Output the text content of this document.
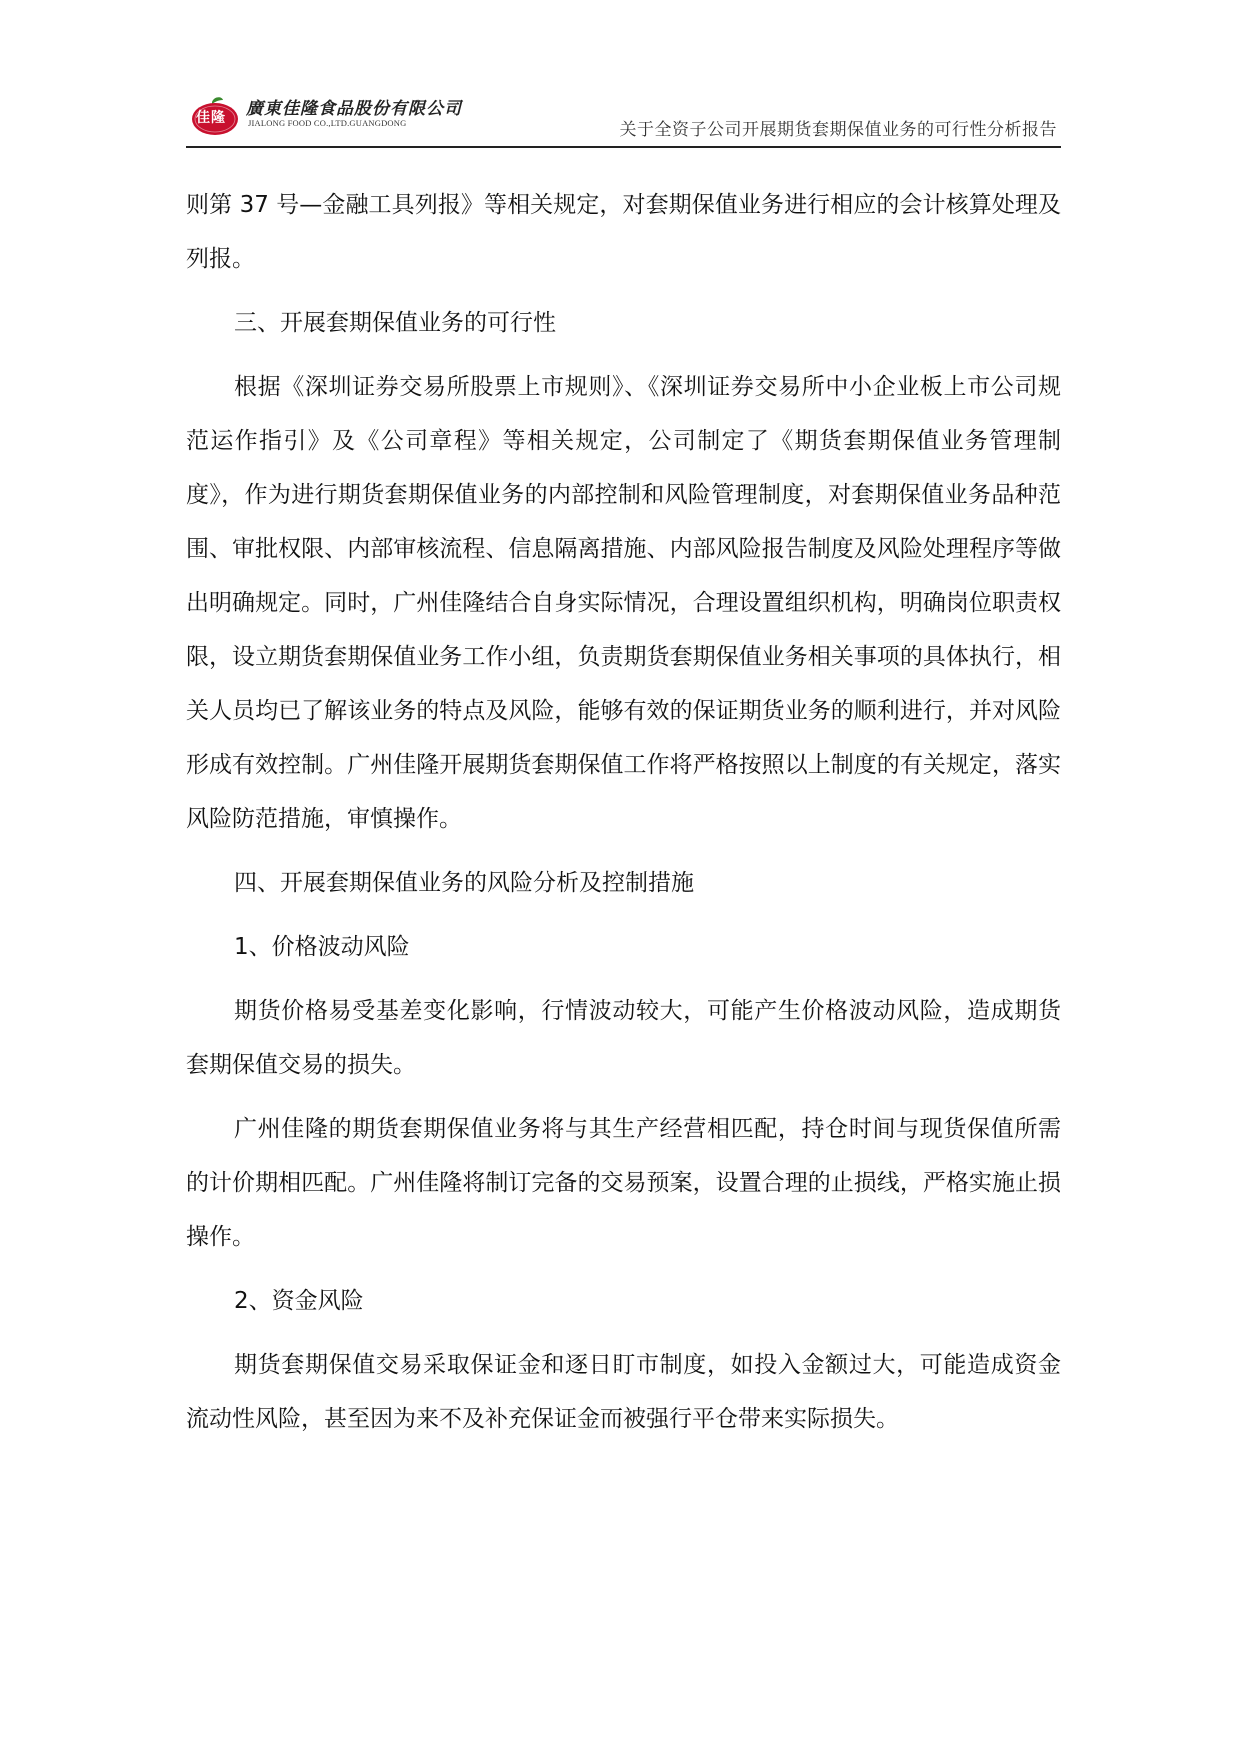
佳隆 廣東佳隆食品股份有限公司
JIALONG FOOD CO.,LTD.GUANGDONG	关于全资子公司开展期货套期保值业务的可行性分析报告

则第 37 号—金融工具列报》等相关规定，对套期保值业务进行相应的会计核算处理及列报。

三、开展套期保值业务的可行性

根据《深圳证券交易所股票上市规则》、《深圳证券交易所中小企业板上市公司规范运作指引》及《公司章程》等相关规定，公司制定了《期货套期保值业务管理制度》，作为进行期货套期保值业务的内部控制和风险管理制度，对套期保值业务品种范围、审批权限、内部审核流程、信息隔离措施、内部风险报告制度及风险处理程序等做出明确规定。同时，广州佳隆结合自身实际情况，合理设置组织机构，明确岗位职责权限，设立期货套期保值业务工作小组，负责期货套期保值业务相关事项的具体执行，相关人员均已了解该业务的特点及风险，能够有效的保证期货业务的顺利进行，并对风险形成有效控制。广州佳隆开展期货套期保值工作将严格按照以上制度的有关规定，落实风险防范措施，审慎操作。

四、开展套期保值业务的风险分析及控制措施

1、价格波动风险

期货价格易受基差变化影响，行情波动较大，可能产生价格波动风险，造成期货套期保值交易的损失。

广州佳隆的期货套期保值业务将与其生产经营相匹配，持仓时间与现货保值所需的计价期相匹配。广州佳隆将制订完备的交易预案，设置合理的止损线，严格实施止损操作。

2、资金风险

期货套期保值交易采取保证金和逐日盯市制度，如投入金额过大，可能造成资金流动性风险，甚至因为来不及补充保证金而被强行平仓带来实际损失。
